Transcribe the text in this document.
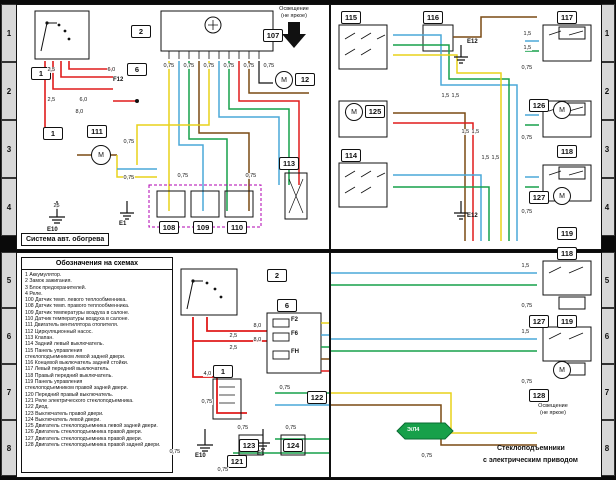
1
2
3
4
5
6
7
8
1
2
3
4
5
6
7
8
2	107
6
12
111
113
108	109	110
1
1
M
M
E10
E1
F12
25
2,5
2,5	6,0
6,0
8,0
0,75 0,75 0,75 0,75 0,75 0,75
0,75
0,75	0,75	0,75
Система авт. обогрева
Освещение
(не яркое)	115	116	117
125
126
114	118
127
119
M	M
M
E12
E12
1,5
1,5
1,5 1,5
1,5 1,5
1,5 1,5
0,75
0,75
0,75
Обозначения на схемах
1 Аккумулятор.
2 Замок зажигания.
3 Блок предохранителей.
4 Реле.
100 Датчик темп. левого теплообменника.
108 Датчик темп. правого теплообменника.
109 Датчик температуры воздуха в салоне.
110 Датчик температуры воздуха в салоне.
111 Двигатель вентилятора отопителя.
112 Циркуляционный насос.
113 Клапан.
114 Задний левый выключатель.
115 Панель управления
стеклоподъемником левой задней двери.
116 Концевой выключатель задней стойки.
117 Левый передний выключатель.
118 Правый передний выключатель.
119 Панель управления
стеклоподъемником правой задней двери.
120 Передний правый выключатель.
121 Реле электрического стеклоподъемника.
122 Диод.
123 Выключатель правой двери.
124 Выключатель левой двери.
125 Двигатель стеклоподъемника левой задней двери.
126 Двигатель стеклоподъемника правой двери.
127 Двигатель стеклоподъемника правой двери.
128 Двигатель стеклоподъемника правой задней двери.
2
1
6
122
121
123	124
F2
F6
FH
E10	E1
2,5
2,5
8,0
8,0
4,0
0,75
0,75
0,75	0,75
0,75
0,75
118
127	119
128
M
1,5
1,5
0,75
0,75
0,75
Освещение
(не яркое)
Стеклоподъемники
с электрическим приводом
Э/Л4
